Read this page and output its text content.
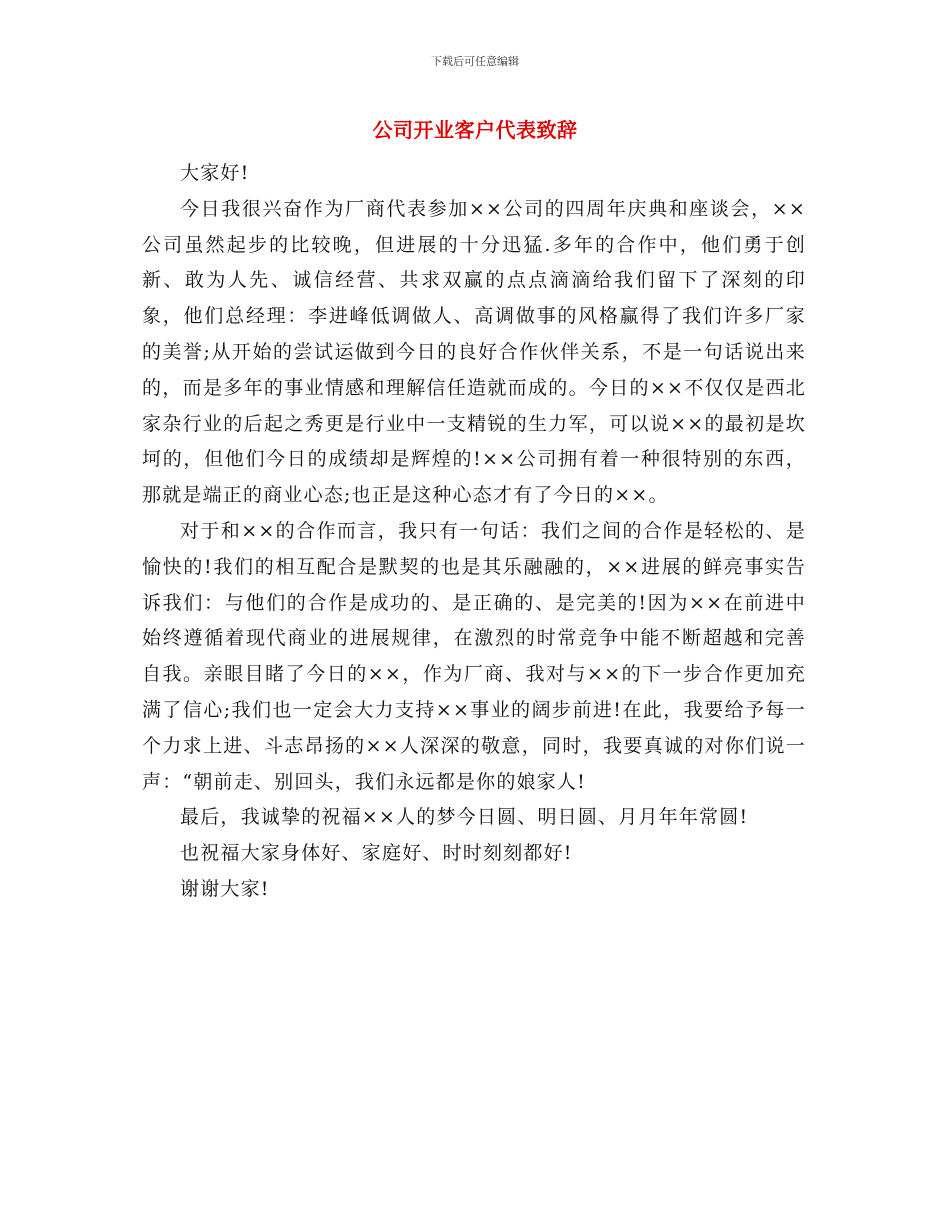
下载后可任意编辑
公司开业客户代表致辞

大家好!

今日我很兴奋作为厂商代表参加××公司的四周年庆典和座谈会，××公司虽然起步的比较晚，但进展的十分迅猛.多年的合作中，他们勇于创新、敢为人先、诚信经营、共求双赢的点点滴滴给我们留下了深刻的印象，他们总经理：李进峰低调做人、高调做事的风格赢得了我们许多厂家的美誉;从开始的尝试运做到今日的良好合作伙伴关系，不是一句话说出来的，而是多年的事业情感和理解信任造就而成的。今日的××不仅仅是西北家杂行业的后起之秀更是行业中一支精锐的生力军，可以说××的最初是坎坷的，但他们今日的成绩却是辉煌的!××公司拥有着一种很特别的东西，那就是端正的商业心态;也正是这种心态才有了今日的××。

对于和××的合作而言，我只有一句话：我们之间的合作是轻松的、是愉快的!我们的相互配合是默契的也是其乐融融的，××进展的鲜亮事实告诉我们：与他们的合作是成功的、是正确的、是完美的!因为××在前进中始终遵循着现代商业的进展规律，在激烈的时常竞争中能不断超越和完善自我。亲眼目睹了今日的××，作为厂商、我对与××的下一步合作更加充满了信心;我们也一定会大力支持××事业的阔步前进!在此，我要给予每一个力求上进、斗志昂扬的××人深深的敬意，同时，我要真诚的对你们说一声：“朝前走、别回头，我们永远都是你的娘家人!

最后，我诚挚的祝福××人的梦今日圆、明日圆、月月年年常圆!

也祝福大家身体好、家庭好、时时刻刻都好!

谢谢大家!
